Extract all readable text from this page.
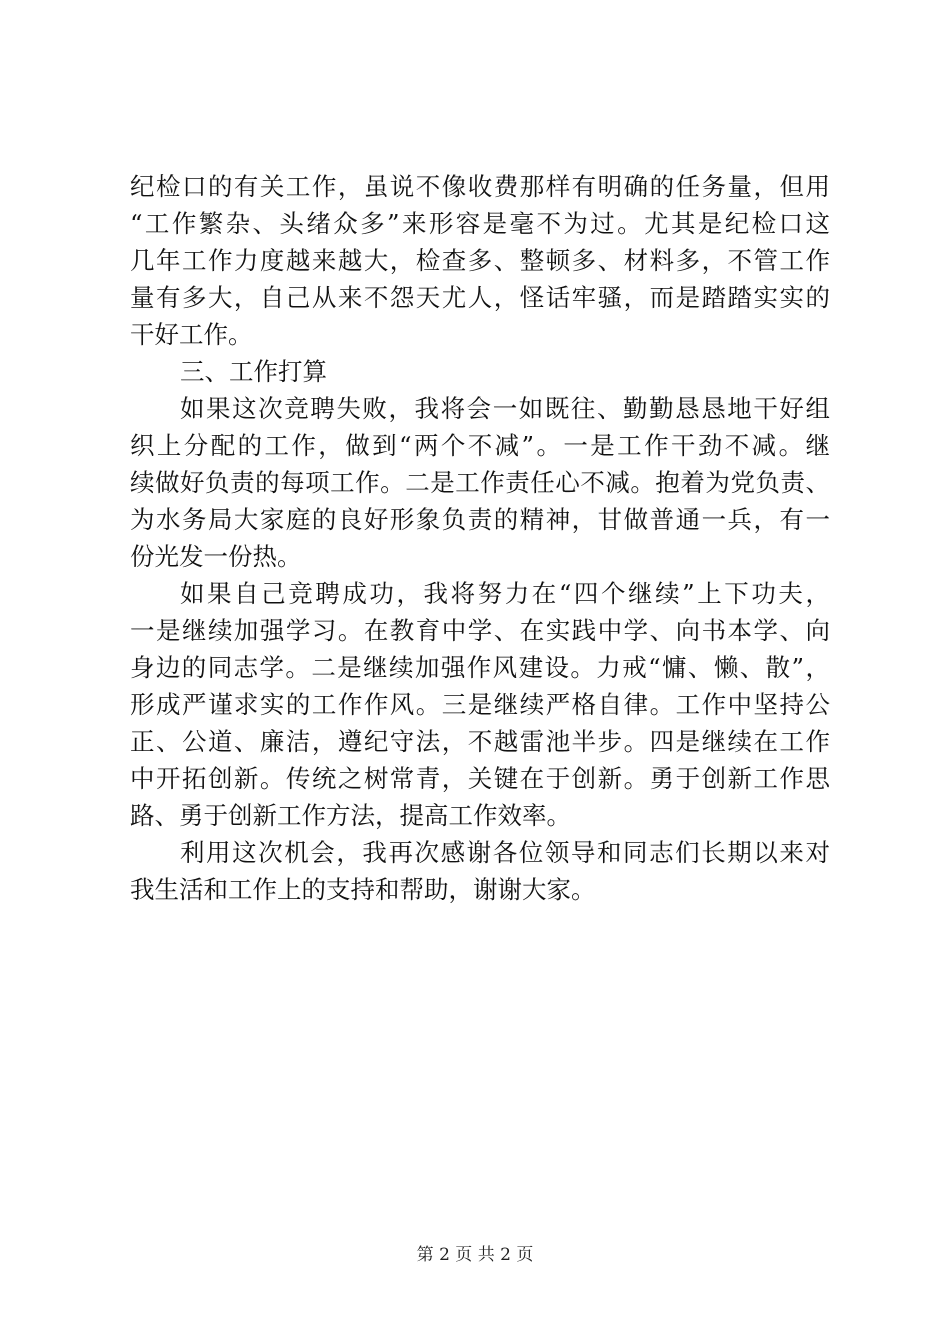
纪检口的有关工作，虽说不像收费那样有明确的任务量，但用
“工作繁杂、头绪众多”来形容是毫不为过。尤其是纪检口这
几年工作力度越来越大，检查多、整顿多、材料多，不管工作
量有多大，自己从来不怨天尤人，怪话牢骚，而是踏踏实实的
干好工作。
三、工作打算
如果这次竞聘失败，我将会一如既往、勤勤恳恳地干好组
织上分配的工作，做到“两个不减”。一是工作干劲不减。继
续做好负责的每项工作。二是工作责任心不减。抱着为党负责、
为水务局大家庭的良好形象负责的精神，甘做普通一兵，有一
份光发一份热。
如果自己竞聘成功，我将努力在“四个继续”上下功夫，
一是继续加强学习。在教育中学、在实践中学、向书本学、向
身边的同志学。二是继续加强作风建设。力戒“慵、懒、散”，
形成严谨求实的工作作风。三是继续严格自律。工作中坚持公
正、公道、廉洁，遵纪守法，不越雷池半步。四是继续在工作
中开拓创新。传统之树常青，关键在于创新。勇于创新工作思
路、勇于创新工作方法，提高工作效率。
利用这次机会，我再次感谢各位领导和同志们长期以来对
我生活和工作上的支持和帮助，谢谢大家。
第 2 页 共 2 页
